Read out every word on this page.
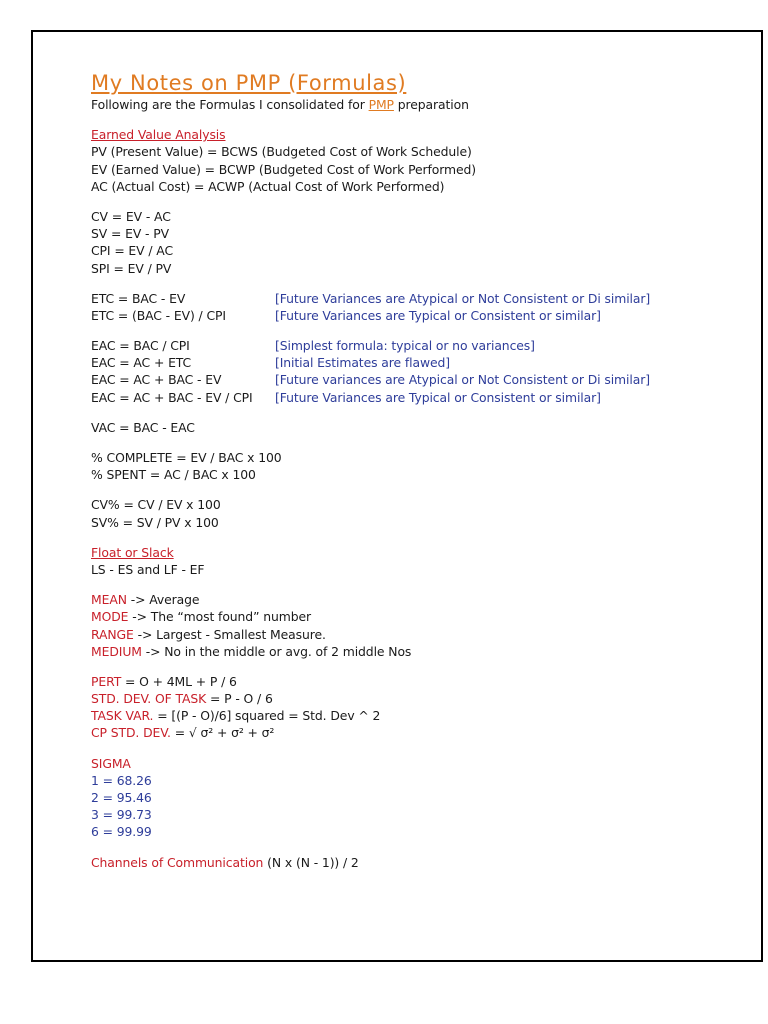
My Notes on PMP (Formulas)
Following are the Formulas I consolidated for PMP preparation
Earned Value Analysis
PV (Present Value) = BCWS (Budgeted Cost of Work Schedule)
EV (Earned Value) = BCWP (Budgeted Cost of Work Performed)
AC (Actual Cost) = ACWP (Actual Cost of Work Performed)
CV = EV - AC
SV = EV - PV
CPI = EV / AC
SPI = EV / PV
ETC = BAC - EV	[Future Variances are Atypical or Not Consistent or Di similar]
ETC = (BAC - EV) / CPI	[Future Variances are Typical or Consistent or similar]
EAC = BAC / CPI	[Simplest formula: typical or no variances]
EAC = AC + ETC	[Initial Estimates are flawed]
EAC = AC + BAC - EV	[Future variances are Atypical or Not Consistent or Di similar]
EAC = AC + BAC - EV / CPI	[Future Variances are Typical or Consistent or similar]
VAC = BAC - EAC
% COMPLETE = EV / BAC x 100
% SPENT = AC / BAC x 100
CV% = CV / EV x 100
SV% = SV / PV x 100
Float or Slack
LS - ES and LF - EF
MEAN -> Average
MODE -> The “most found” number
RANGE -> Largest - Smallest Measure.
MEDIUM -> No in the middle or avg. of 2 middle Nos
PERT = O + 4ML + P / 6
STD. DEV. OF TASK = P - O / 6
TASK VAR. = [(P - O)/6] squared = Std. Dev ^ 2
CP STD. DEV. = √ σ² + σ² + σ²
SIGMA
1 = 68.26
2 = 95.46
3 = 99.73
6 = 99.99
Channels of Communication (N x (N - 1)) / 2
